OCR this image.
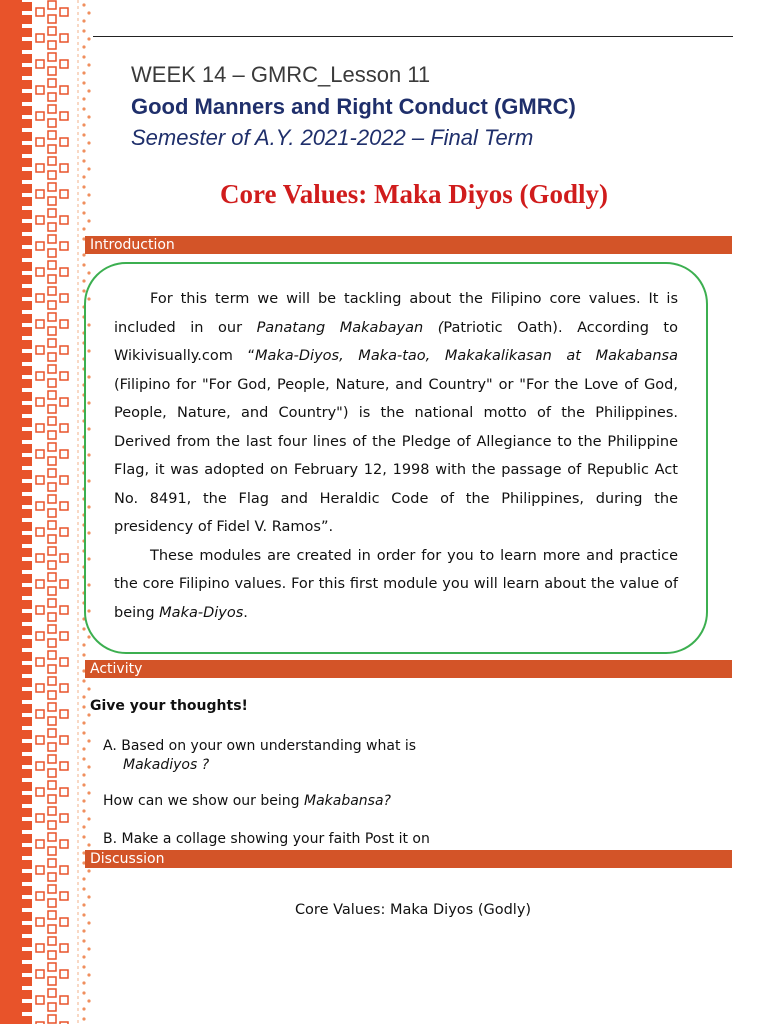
WEEK 14 – GMRC_Lesson 11
Good Manners and Right Conduct (GMRC)
Semester of A.Y. 2021-2022 – Final Term
Core Values: Maka Diyos (Godly)
Introduction

For this term we will be tackling about the Filipino core values. It is included in our Panatang Makabayan (Patriotic Oath). According to Wikivisually.com “Maka-Diyos, Maka-tao, Makakalikasan at Makabansa (Filipino for "For God, People, Nature, and Country" or "For the Love of God, People, Nature, and Country") is the national motto of the Philippines. Derived from the last four lines of the Pledge of Allegiance to the Philippine Flag, it was adopted on February 12, 1998 with the passage of Republic Act No. 8491, the Flag and Heraldic Code of the Philippines, during the presidency of Fidel V. Ramos”.

These modules are created in order for you to learn more and practice the core Filipino values. For this first module you will learn about the value of being Maka-Diyos.

Activity
Give your thoughts!
A. Based on your own understanding what is
Makadiyos ?
How can we show our being Makabansa?
B. Make a collage showing your faith Post it on
Discussion
Core Values: Maka Diyos (Godly)
